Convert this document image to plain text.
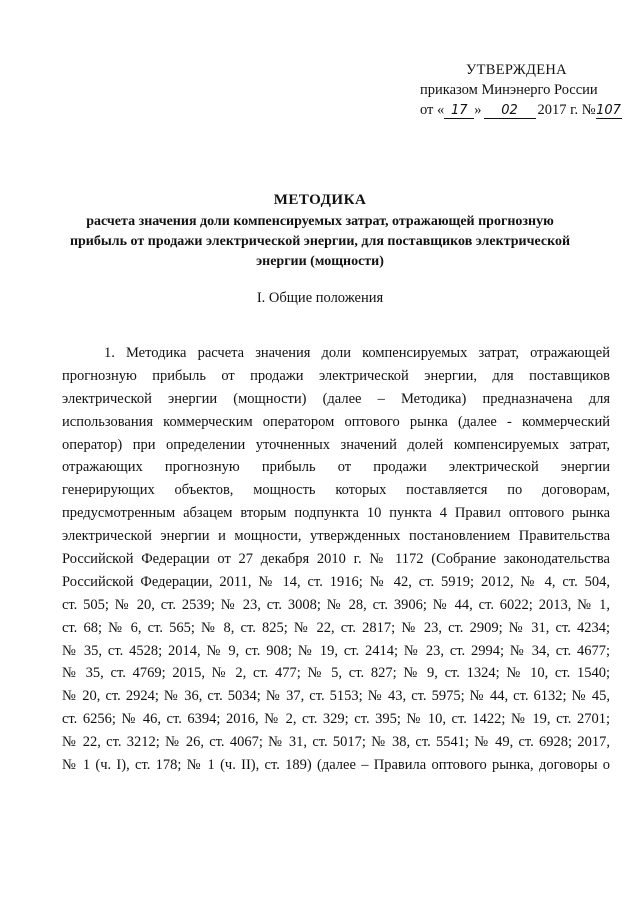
УТВЕРЖДЕНА
приказом Минэнерго России
от « 17 » 02 2017 г. №107
МЕТОДИКА
расчета значения доли компенсируемых затрат, отражающей прогнозную
прибыль от продажи электрической энергии, для поставщиков электрической
энергии (мощности)
I. Общие положения
1. Методика расчета значения доли компенсируемых затрат, отражающей
прогнозную прибыль от продажи электрической энергии, для поставщиков
электрической энергии (мощности) (далее – Методика) предназначена для
использования коммерческим оператором оптового рынка (далее - коммерческий
оператор) при определении уточненных значений долей компенсируемых затрат,
отражающих прогнозную прибыль от продажи электрической энергии
генерирующих объектов, мощность которых поставляется по договорам,
предусмотренным абзацем вторым подпункта 10 пункта 4 Правил оптового рынка
электрической энергии и мощности, утвержденных постановлением Правительства
Российской Федерации от 27 декабря 2010 г. № 1172 (Собрание законодательства
Российской Федерации, 2011, № 14, ст. 1916; № 42, ст. 5919; 2012, № 4, ст. 504,
ст. 505; № 20, ст. 2539; № 23, ст. 3008; № 28, ст. 3906; № 44, ст. 6022; 2013, № 1,
ст. 68; № 6, ст. 565; № 8, ст. 825; № 22, ст. 2817; № 23, ст. 2909; № 31, ст. 4234;
№ 35, ст. 4528; 2014, № 9, ст. 908; № 19, ст. 2414; № 23, ст. 2994; № 34, ст. 4677;
№ 35, ст. 4769; 2015, № 2, ст. 477; № 5, ст. 827; № 9, ст. 1324; № 10, ст. 1540;
№ 20, ст. 2924; № 36, ст. 5034; № 37, ст. 5153; № 43, ст. 5975; № 44, ст. 6132; № 45,
ст. 6256; № 46, ст. 6394; 2016, № 2, ст. 329; ст. 395; № 10, ст. 1422; № 19, ст. 2701;
№ 22, ст. 3212; № 26, ст. 4067; № 31, ст. 5017; № 38, ст. 5541; № 49, ст. 6928; 2017,
№ 1 (ч. I), ст. 178; № 1 (ч. II), ст. 189) (далее – Правила оптового рынка, договоры о
